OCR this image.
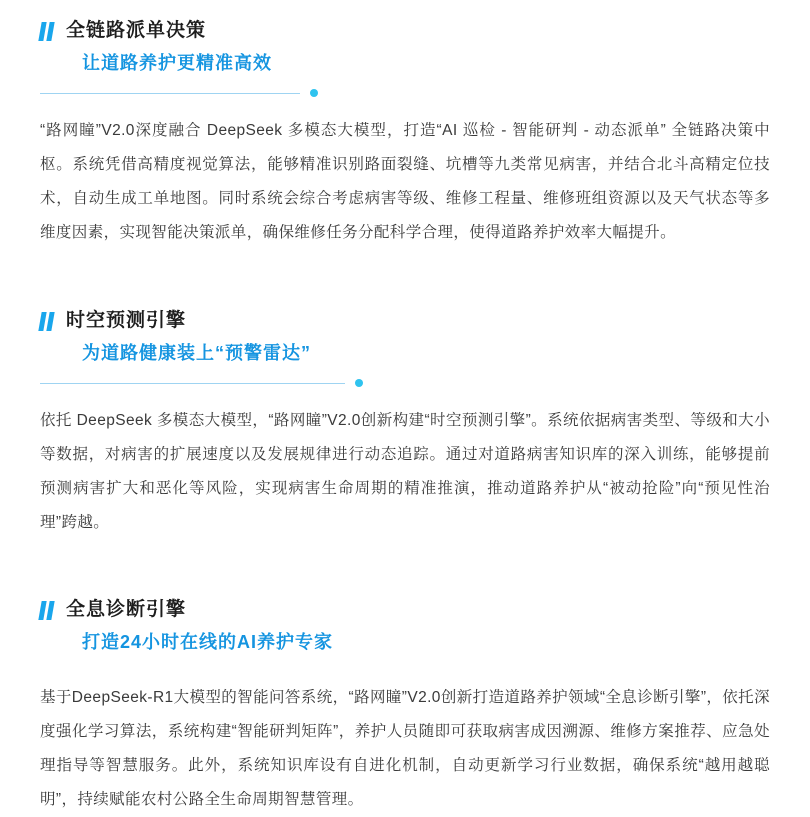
全链路派单决策
让道路养护更精准高效

“路网瞳”V2.0深度融合 DeepSeek 多模态大模型，打造“AI 巡检 - 智能研判 - 动态派单” 全链路决策中枢。系统凭借高精度视觉算法，能够精准识别路面裂缝、坑槽等九类常见病害，并结合北斗高精定位技术，自动生成工单地图。同时系统会综合考虑病害等级、维修工程量、维修班组资源以及天气状态等多维度因素，实现智能决策派单，确保维修任务分配科学合理，使得道路养护效率大幅提升。

时空预测引擎
为道路健康装上“预警雷达”

依托 DeepSeek 多模态大模型，“路网瞳”V2.0创新构建“时空预测引擎”。系统依据病害类型、等级和大小等数据，对病害的扩展速度以及发展规律进行动态追踪。通过对道路病害知识库的深入训练，能够提前预测病害扩大和恶化等风险，实现病害生命周期的精准推演，推动道路养护从“被动抢险”向“预见性治理”跨越。

全息诊断引擎
打造24小时在线的AI养护专家

基于DeepSeek-R1大模型的智能问答系统，“路网瞳”V2.0创新打造道路养护领域“全息诊断引擎”，依托深度强化学习算法，系统构建“智能研判矩阵”，养护人员随即可获取病害成因溯源、维修方案推荐、应急处理指导等智慧服务。此外，系统知识库设有自进化机制，自动更新学习行业数据，确保系统“越用越聪明”，持续赋能农村公路全生命周期智慧管理。
